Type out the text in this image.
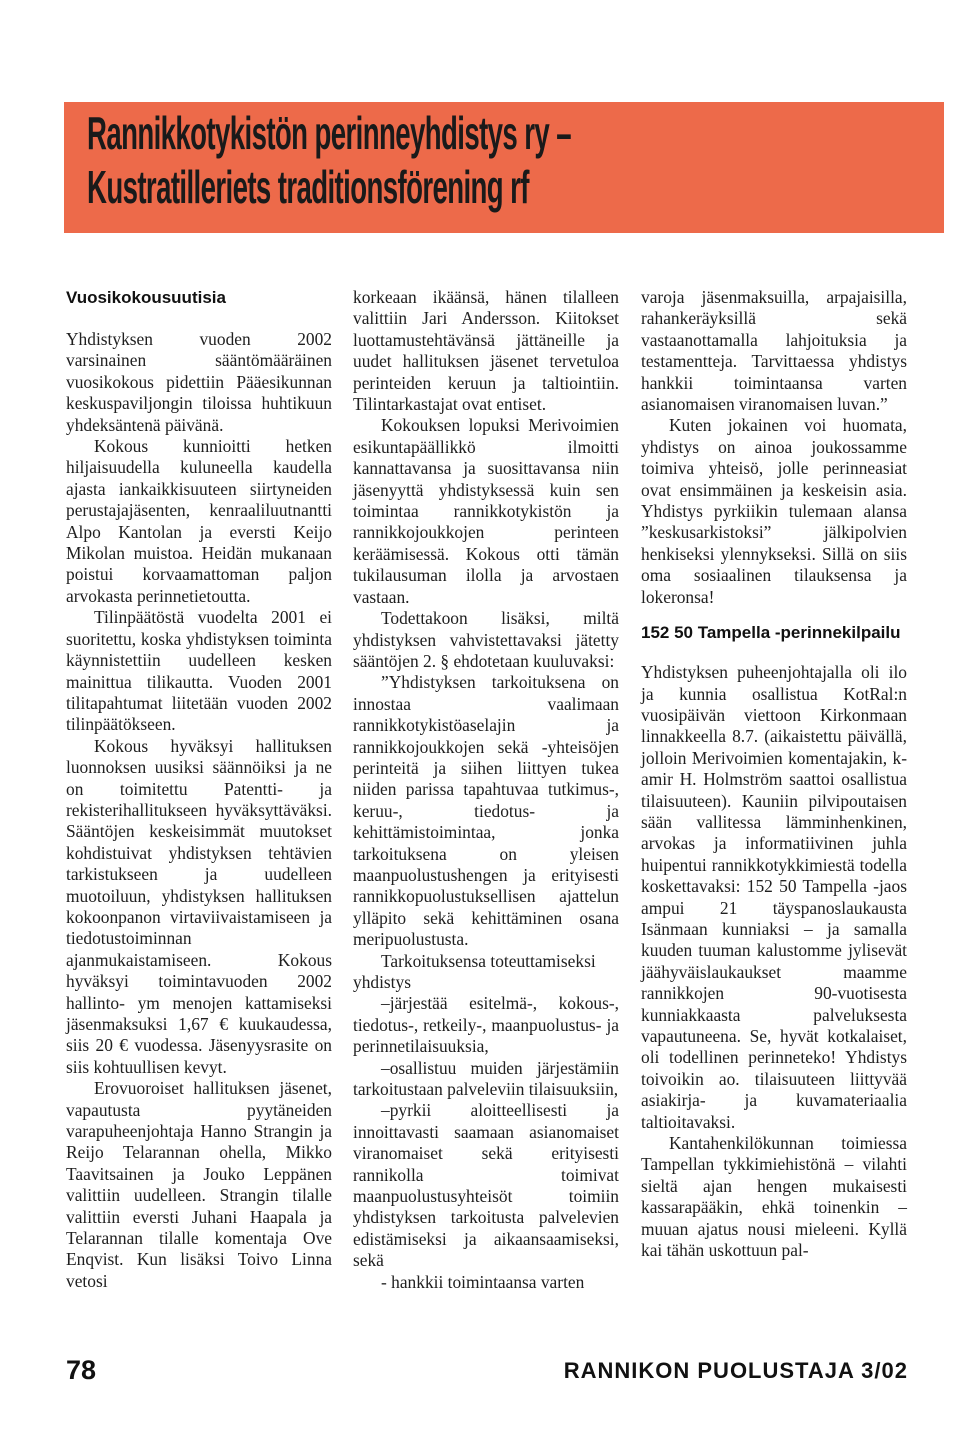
Rannikkotykistön perinneyhdistys ry –
Kustratilleriets traditionsförening rf
Vuosikokousuutisia

Yhdistyksen vuoden 2002 varsinainen sääntömääräinen vuosikokous pidettiin Pääesikunnan keskuspaviljongin tiloissa huhtikuun yhdeksäntenä päivänä.

Kokous kunnioitti hetken hiljaisuudella kuluneella kaudella ajasta iankaikkisuuteen siirtyneiden perustajajäsenten, kenraaliluutnantti Alpo Kantolan ja eversti Keijo Mikolan muistoa. Heidän mukanaan poistui korvaamattoman paljon arvokasta perinnetietoutta.

Tilinpäätöstä vuodelta 2001 ei suoritettu, koska yhdistyksen toiminta käynnistettiin uudelleen kesken mainittua tilikautta. Vuoden 2001 tilitapahtumat liitetään vuoden 2002 tilinpäätökseen.

Kokous hyväksyi hallituksen luonnoksen uusiksi säännöiksi ja ne on toimitettu Patentti- ja rekisterihallitukseen hyväksyttäväksi. Sääntöjen keskeisimmät muutokset kohdistuivat yhdistyksen tehtävien tarkistukseen ja uudelleen muotoiluun, yhdistyksen hallituksen kokoonpanon virtaviivaistamiseen ja tiedotustoiminnan ajanmukaistamiseen. Kokous hyväksyi toimintavuoden 2002 hallinto- ym menojen kattamiseksi jäsenmaksuksi 1,67 € kuukaudessa, siis 20 € vuodessa. Jäsenyysrasite on siis kohtuullisen kevyt.

Erovuoroiset hallituksen jäsenet, vapautusta pyytäneiden varapuheenjohtaja Hanno Strangin ja Reijo Telarannan ohella, Mikko Taavitsainen ja Jouko Leppänen valittiin uudelleen. Strangin tilalle valittiin eversti Juhani Haapala ja Telarannan tilalle komentaja Ove Enqvist. Kun lisäksi Toivo Linna vetosi

korkeaan ikäänsä, hänen tilalleen valittiin Jari Andersson. Kiitokset luottamustehtävänsä jättäneille ja uudet hallituksen jäsenet tervetuloa perinteiden keruun ja taltiointiin. Tilintarkastajat ovat entiset.

Kokouksen lopuksi Merivoimien esikuntapäällikkö ilmoitti kannattavansa ja suosittavansa niin jäsenyyttä yhdistyksessä kuin sen toimintaa rannikkotykistön ja rannikkojoukkojen perinteen keräämisessä. Kokous otti tämän tukilausuman ilolla ja arvostaen vastaan.

Todettakoon lisäksi, miltä yhdistyksen vahvistettavaksi jätetty sääntöjen 2. § ehdotetaan kuuluvaksi:

”Yhdistyksen tarkoituksena on innostaa vaalimaan rannikkotykistöaselajin ja rannikkojoukkojen sekä -yhteisöjen perinteitä ja siihen liittyen tukea niiden parissa tapahtuvaa tutkimus-, keruu-, tiedotus- ja kehittämistoimintaa, jonka tarkoituksena on yleisen maanpuolustushengen ja erityisesti rannikkopuolustuksellisen ajattelun ylläpito sekä kehittäminen osana meripuolustusta.

Tarkoituksensa toteuttamiseksi yhdistys

–järjestää esitelmä-, kokous-, tiedotus-, retkeily-, maanpuolustus- ja perinnetilaisuuksia,

–osallistuu muiden järjestämiin tarkoitustaan palveleviin tilaisuuksiin,

–pyrkii aloitteellisesti ja innoittavasti saamaan asianomaiset viranomaiset sekä erityisesti rannikolla toimivat maanpuolustusyhteisöt toimiin yhdistyksen tarkoitusta palvelevien edistämiseksi ja aikaansaamiseksi, sekä

- hankkii toimintaansa varten

varoja jäsenmaksuilla, arpajaisilla, rahankeräyksillä sekä vastaanottamalla lahjoituksia ja testamentteja. Tarvittaessa yhdistys hankkii toimintaansa varten asianomaisen viranomaisen luvan.”

Kuten jokainen voi huomata, yhdistys on ainoa joukossamme toimiva yhteisö, jolle perinneasiat ovat ensimmäinen ja keskeisin asia. Yhdistys pyrkiikin tulemaan alansa ”keskusarkistoksi” jälkipolvien henkiseksi ylennykseksi. Sillä on siis oma sosiaalinen tilauksensa ja lokeronsa!

152 50 Tampella -perinnekilpailu

Yhdistyksen puheenjohtajalla oli ilo ja kunnia osallistua KotRal:n vuosipäivän viettoon Kirkonmaan linnakkeella 8.7. (aikaistettu päivällä, jolloin Merivoimien komentajakin, k-amir H. Holmström saattoi osallistua tilaisuuteen). Kauniin pilvipoutaisen sään vallitessa lämminhenkinen, arvokas ja informatiivinen juhla huipentui rannikkotykkimiestä todella koskettavaksi: 152 50 Tampella -jaos ampui 21 täyspanoslaukausta Isänmaan kunniaksi – ja samalla kuuden tuuman kalustomme jylisevät jäähyväislaukaukset maamme rannikkojen 90-vuotisesta kunniakkaasta palveluksesta vapautuneena. Se, hyvät kotkalaiset, oli todellinen perinneteko! Yhdistys toivoikin ao. tilaisuuteen liittyvää asiakirja- ja kuvamateriaalia taltioitavaksi.

Kantahenkilökunnan toimiessa Tampellan tykkimiehistönä – vilahti sieltä ajan hengen mukaisesti kassarapääkin, ehkä toinenkin – muuan ajatus nousi mieleeni. Kyllä kai tähän uskottuun pal-

78	RANNIKON PUOLUSTAJA 3/02
